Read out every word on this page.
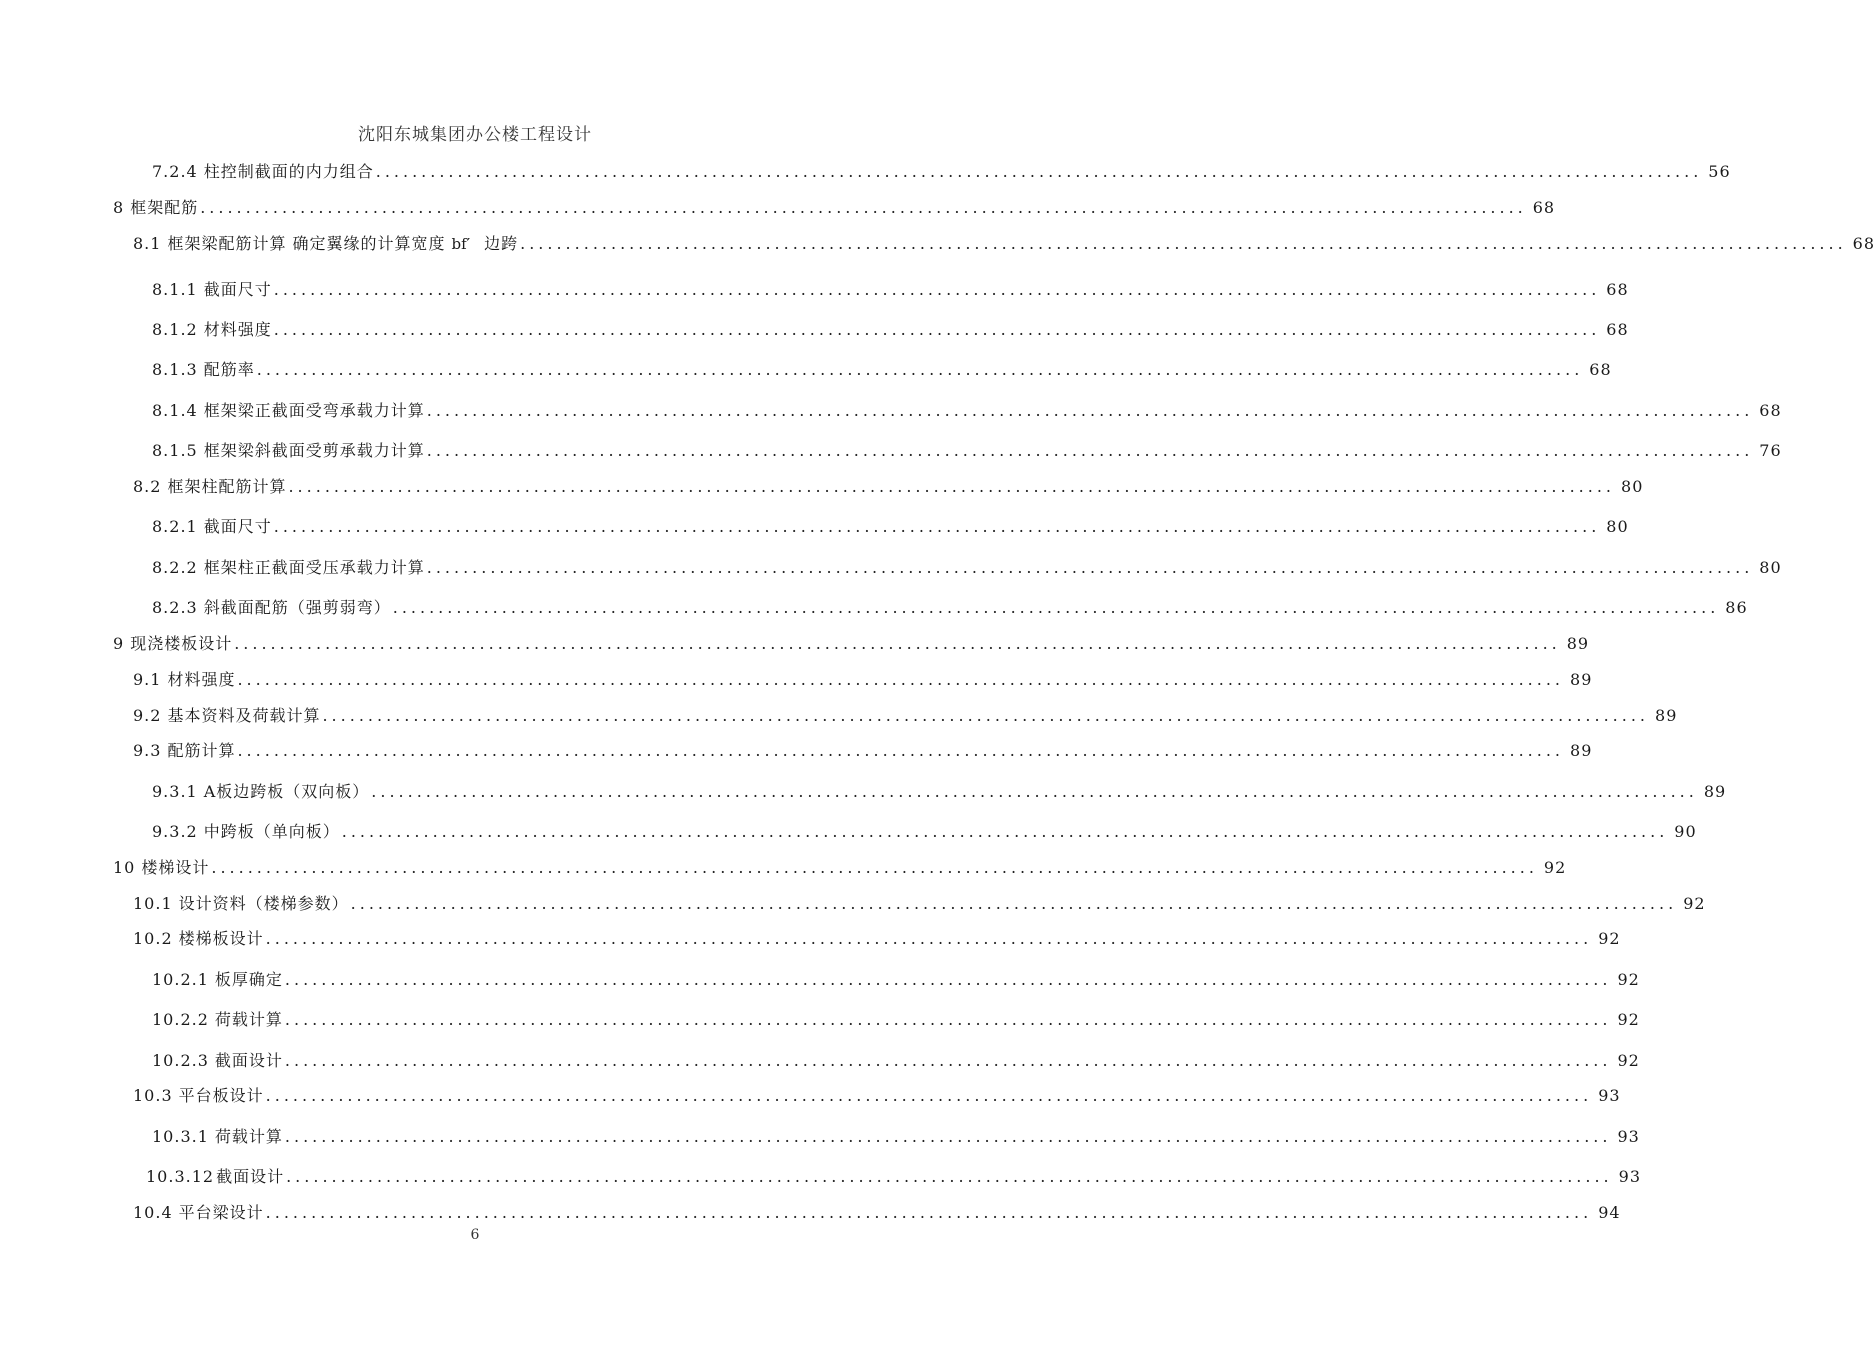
沈阳东城集团办公楼工程设计
7.2.4 柱控制截面的内力组合 .....	56
8 框架配筋 .....	68
8.1 框架梁配筋计算 确定翼缘的计算宽度 bf′ 边跨 .....	68
8.1.1 截面尺寸 .....	68
8.1.2 材料强度 .....	68
8.1.3 配筋率 .....	68
8.1.4 框架梁正截面受弯承载力计算 .....	68
8.1.5 框架梁斜截面受剪承载力计算 .....	76
8.2 框架柱配筋计算 .....	80
8.2.1 截面尺寸 .....	80
8.2.2 框架柱正截面受压承载力计算 .....	80
8.2.3 斜截面配筋（强剪弱弯） .....	86
9 现浇楼板设计 .....	89
9.1 材料强度 .....	89
9.2 基本资料及荷载计算 .....	89
9.3 配筋计算 .....	89
9.3.1 A板边跨板（双向板） .....	89
9.3.2 中跨板（单向板） .....	90
10 楼梯设计 .....	92
10.1 设计资料（楼梯参数） .....	92
10.2 楼梯板设计 .....	92
10.2.1 板厚确定 .....	92
10.2.2 荷载计算 .....	92
10.2.3 截面设计 .....	92
10.3 平台板设计 .....	93
10.3.1 荷载计算 .....	93
10.3.12 截面设计 .....	93
10.4 平台梁设计 .....	94
6
